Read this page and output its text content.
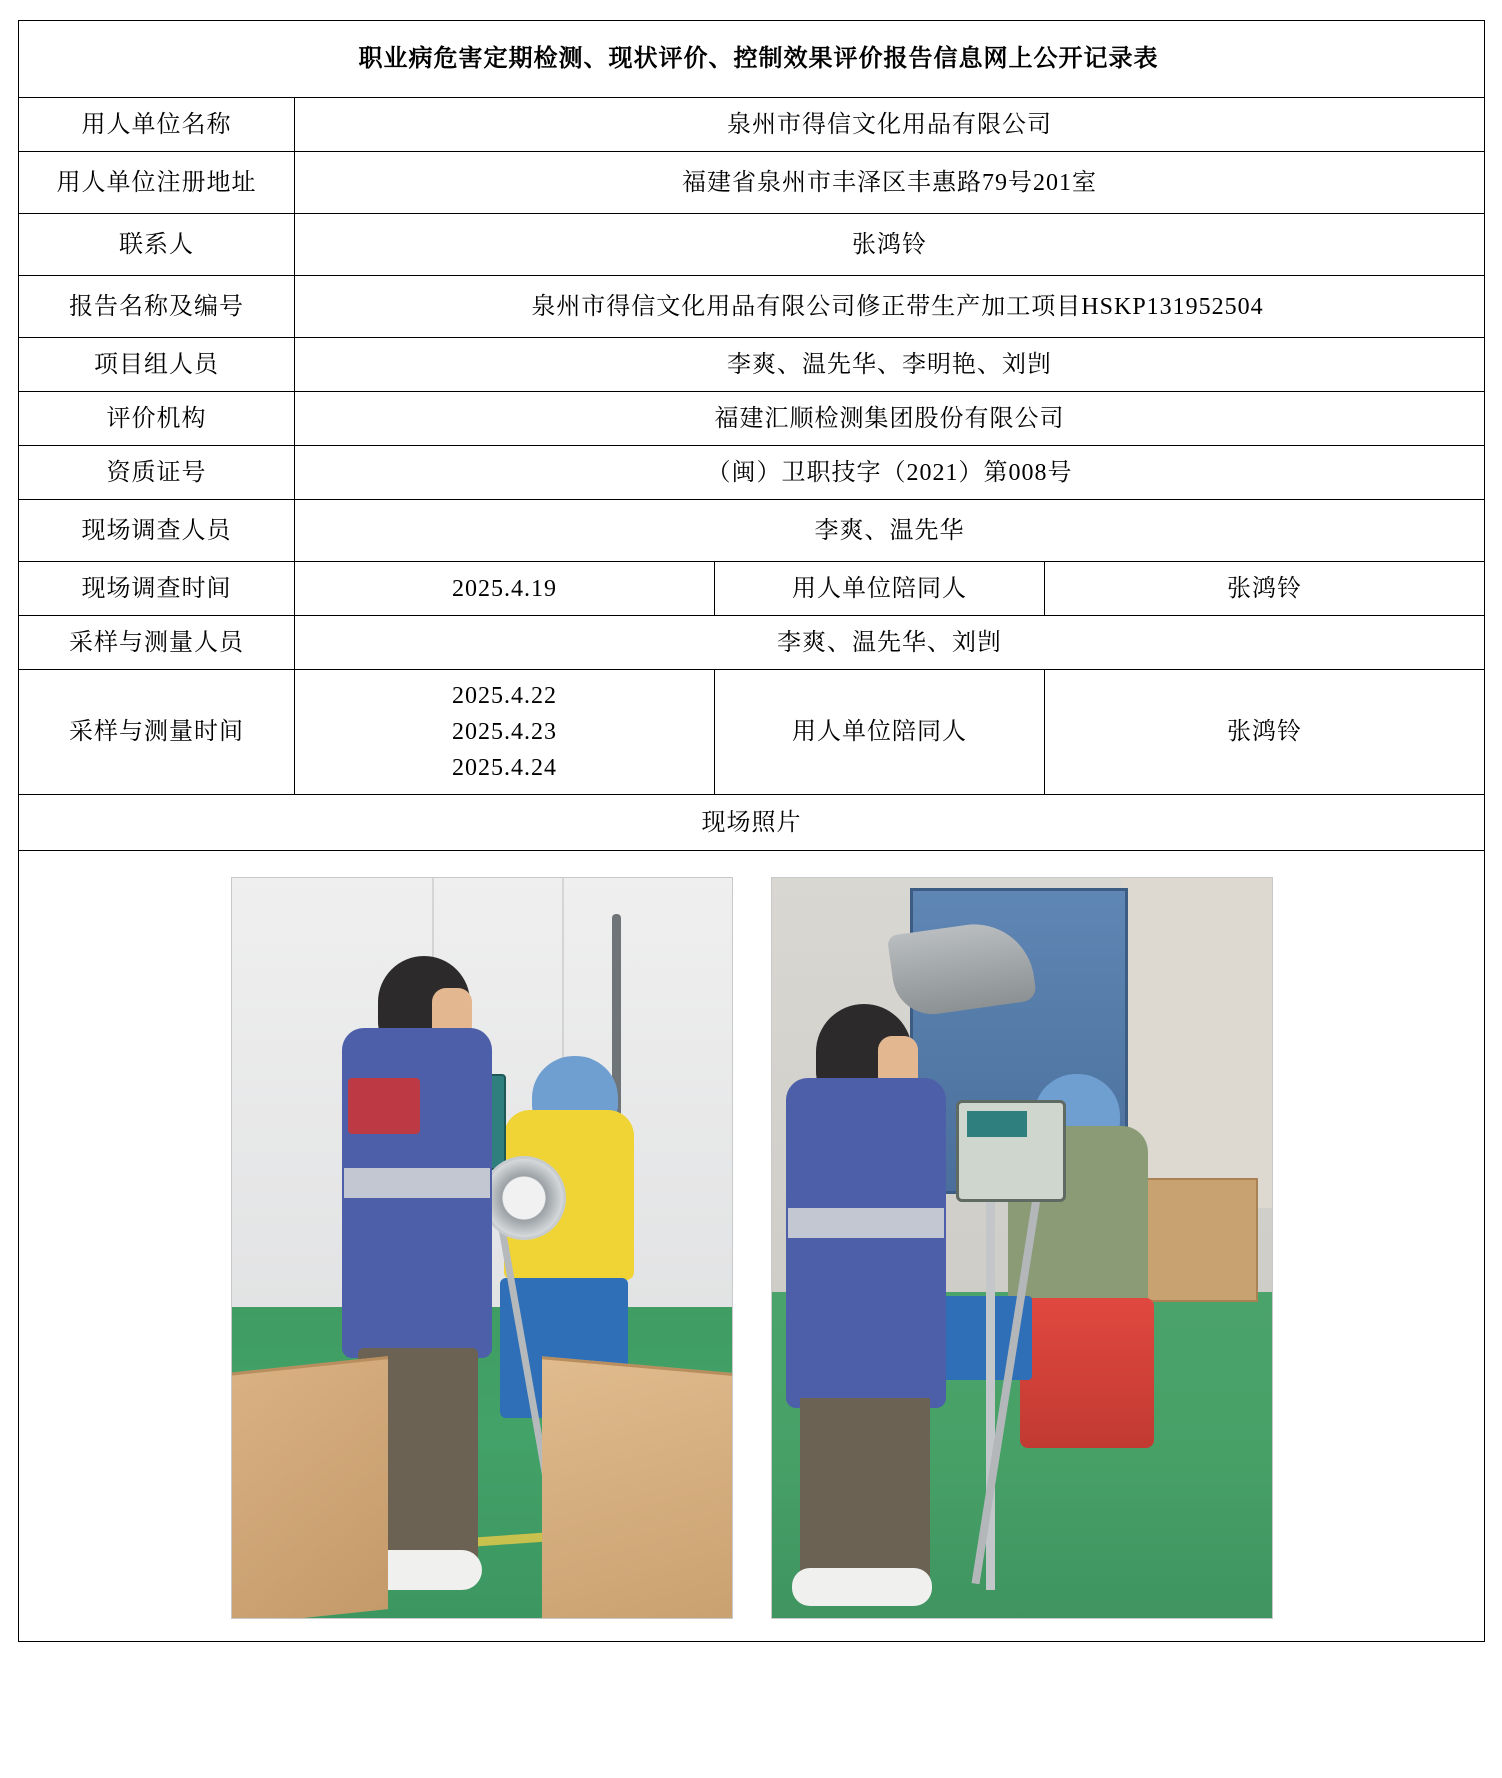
职业病危害定期检测、现状评价、控制效果评价报告信息网上公开记录表			
用人单位名称	泉州市得信文化用品有限公司		
用人单位注册地址	福建省泉州市丰泽区丰惠路79号201室		
联系人	张鸿铃		
报告名称及编号	泉州市得信文化用品有限公司修正带生产加工项目HSKP131952504		
项目组人员	李爽、温先华、李明艳、刘剀		
评价机构	福建汇顺检测集团股份有限公司		
资质证号	（闽）卫职技字（2021）第008号		
现场调查人员	李爽、温先华		
现场调查时间	2025.4.19	用人单位陪同人	张鸿铃
采样与测量人员	李爽、温先华、刘剀		
采样与测量时间	2025.4.22
2025.4.23
2025.4.24	用人单位陪同人	张鸿铃
现场照片			
